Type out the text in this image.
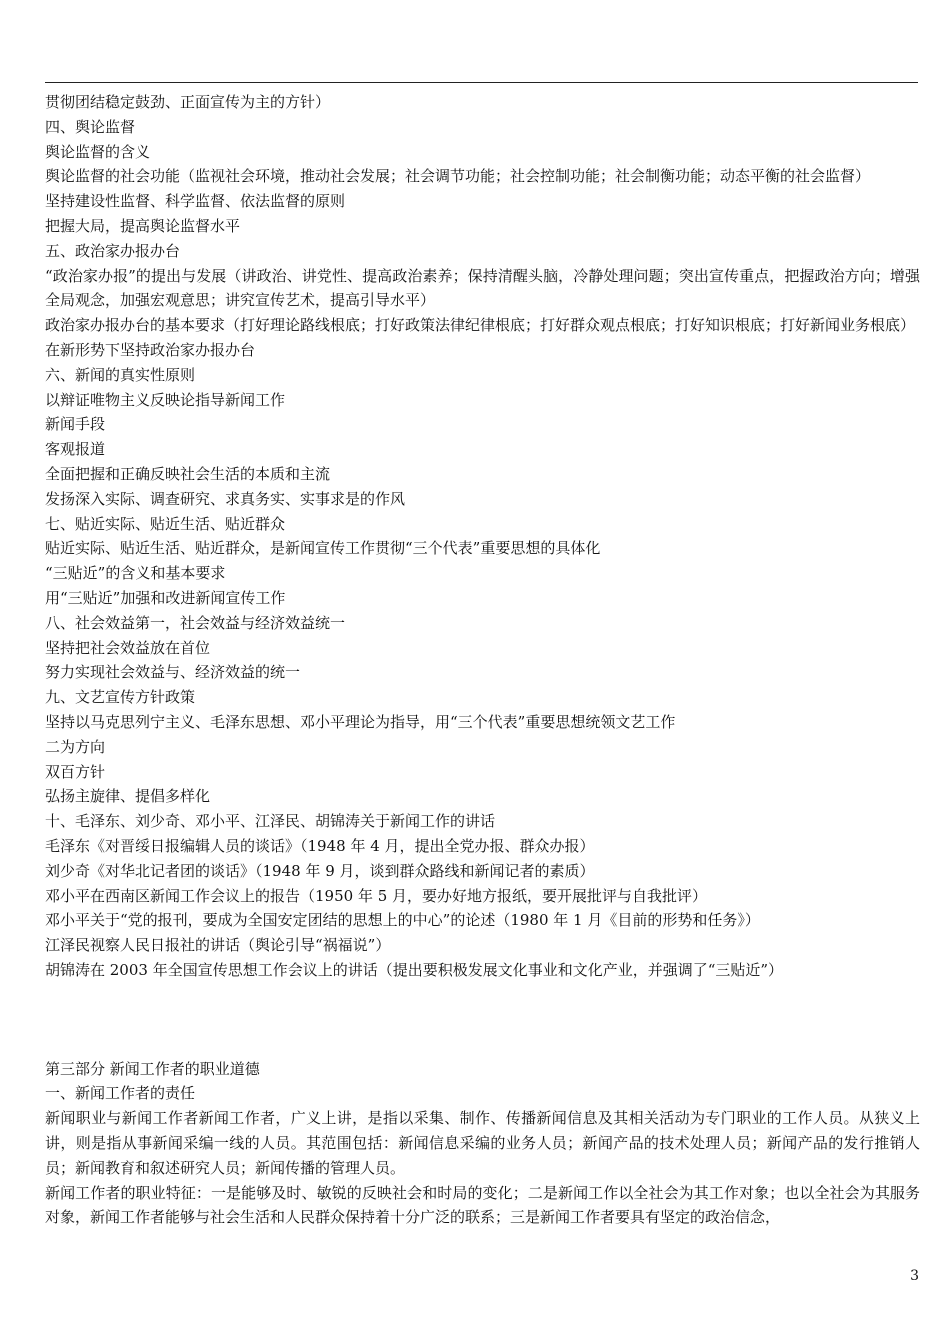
贯彻团结稳定鼓劲、正面宣传为主的方针）

四、舆论监督

舆论监督的含义

舆论监督的社会功能（监视社会环境，推动社会发展；社会调节功能；社会控制功能；社会制衡功能；动态平衡的社会监督）

坚持建设性监督、科学监督、依法监督的原则

把握大局，提高舆论监督水平

五、政治家办报办台

“政治家办报”的提出与发展（讲政治、讲党性、提高政治素养；保持清醒头脑，冷静处理问题；突出宣传重点，把握政治方向；增强全局观念，加强宏观意思；讲究宣传艺术，提高引导水平）

政治家办报办台的基本要求（打好理论路线根底；打好政策法律纪律根底；打好群众观点根底；打好知识根底；打好新闻业务根底）

在新形势下坚持政治家办报办台

六、新闻的真实性原则

以辩证唯物主义反映论指导新闻工作

新闻手段

客观报道

全面把握和正确反映社会生活的本质和主流

发扬深入实际、调查研究、求真务实、实事求是的作风

七、贴近实际、贴近生活、贴近群众

贴近实际、贴近生活、贴近群众，是新闻宣传工作贯彻“三个代表”重要思想的具体化

“三贴近”的含义和基本要求

用“三贴近”加强和改进新闻宣传工作

八、社会效益第一，社会效益与经济效益统一

坚持把社会效益放在首位

努力实现社会效益与、经济效益的统一

九、文艺宣传方针政策

坚持以马克思列宁主义、毛泽东思想、邓小平理论为指导，用“三个代表”重要思想统领文艺工作

二为方向

双百方针

弘扬主旋律、提倡多样化

十、毛泽东、刘少奇、邓小平、江泽民、胡锦涛关于新闻工作的讲话

毛泽东《对晋绥日报编辑人员的谈话》（1948 年 4 月，提出全党办报、群众办报）

刘少奇《对华北记者团的谈话》（1948 年 9 月，谈到群众路线和新闻记者的素质）

邓小平在西南区新闻工作会议上的报告（1950 年 5 月，要办好地方报纸，要开展批评与自我批评）

邓小平关于“党的报刊，要成为全国安定团结的思想上的中心”的论述（1980 年 1 月《目前的形势和任务》）

江泽民视察人民日报社的讲话（舆论引导“祸福说”）

胡锦涛在 2003 年全国宣传思想工作会议上的讲话（提出要积极发展文化事业和文化产业，并强调了“三贴近”）

第三部分 新闻工作者的职业道德

一、新闻工作者的责任

新闻职业与新闻工作者新闻工作者，广义上讲，是指以采集、制作、传播新闻信息及其相关活动为专门职业的工作人员。从狭义上讲，则是指从事新闻采编一线的人员。其范围包括：新闻信息采编的业务人员；新闻产品的技术处理人员；新闻产品的发行推销人员；新闻教育和叙述研究人员；新闻传播的管理人员。

新闻工作者的职业特征：一是能够及时、敏锐的反映社会和时局的变化；二是新闻工作以全社会为其工作对象；也以全社会为其服务对象，新闻工作者能够与社会生活和人民群众保持着十分广泛的联系；三是新闻工作者要具有坚定的政治信念，

3
